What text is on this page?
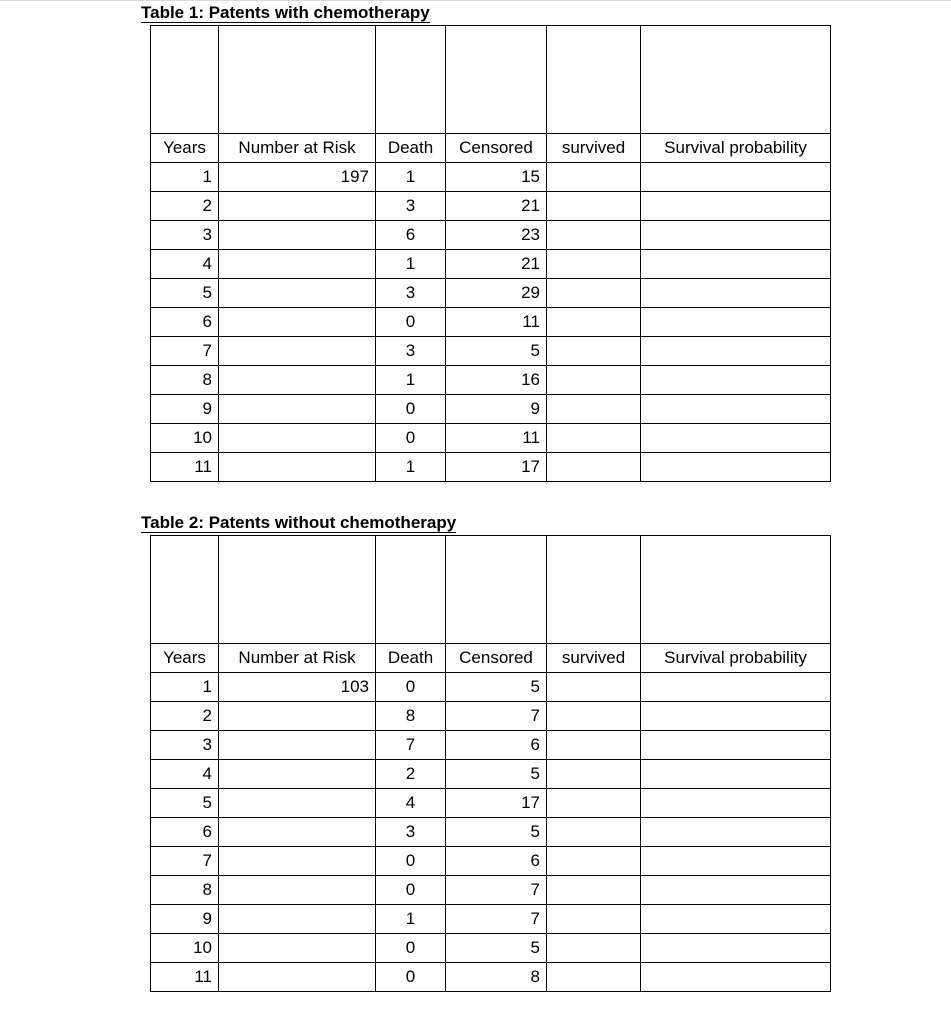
Table 1: Patents with chemotherapy

Years	Number at Risk	Death	Censored	survived	Survival probability
1	197	1	15		
2		3	21		
3		6	23		
4		1	21		
5		3	29		
6		0	11		
7		3	5		
8		1	16		
9		0	9		
10		0	11		
11		1	17		
Table 2: Patents without chemotherapy

Years	Number at Risk	Death	Censored	survived	Survival probability
1	103	0	5		
2		8	7		
3		7	6		
4		2	5		
5		4	17		
6		3	5		
7		0	6		
8		0	7		
9		1	7		
10		0	5		
11		0	8		
